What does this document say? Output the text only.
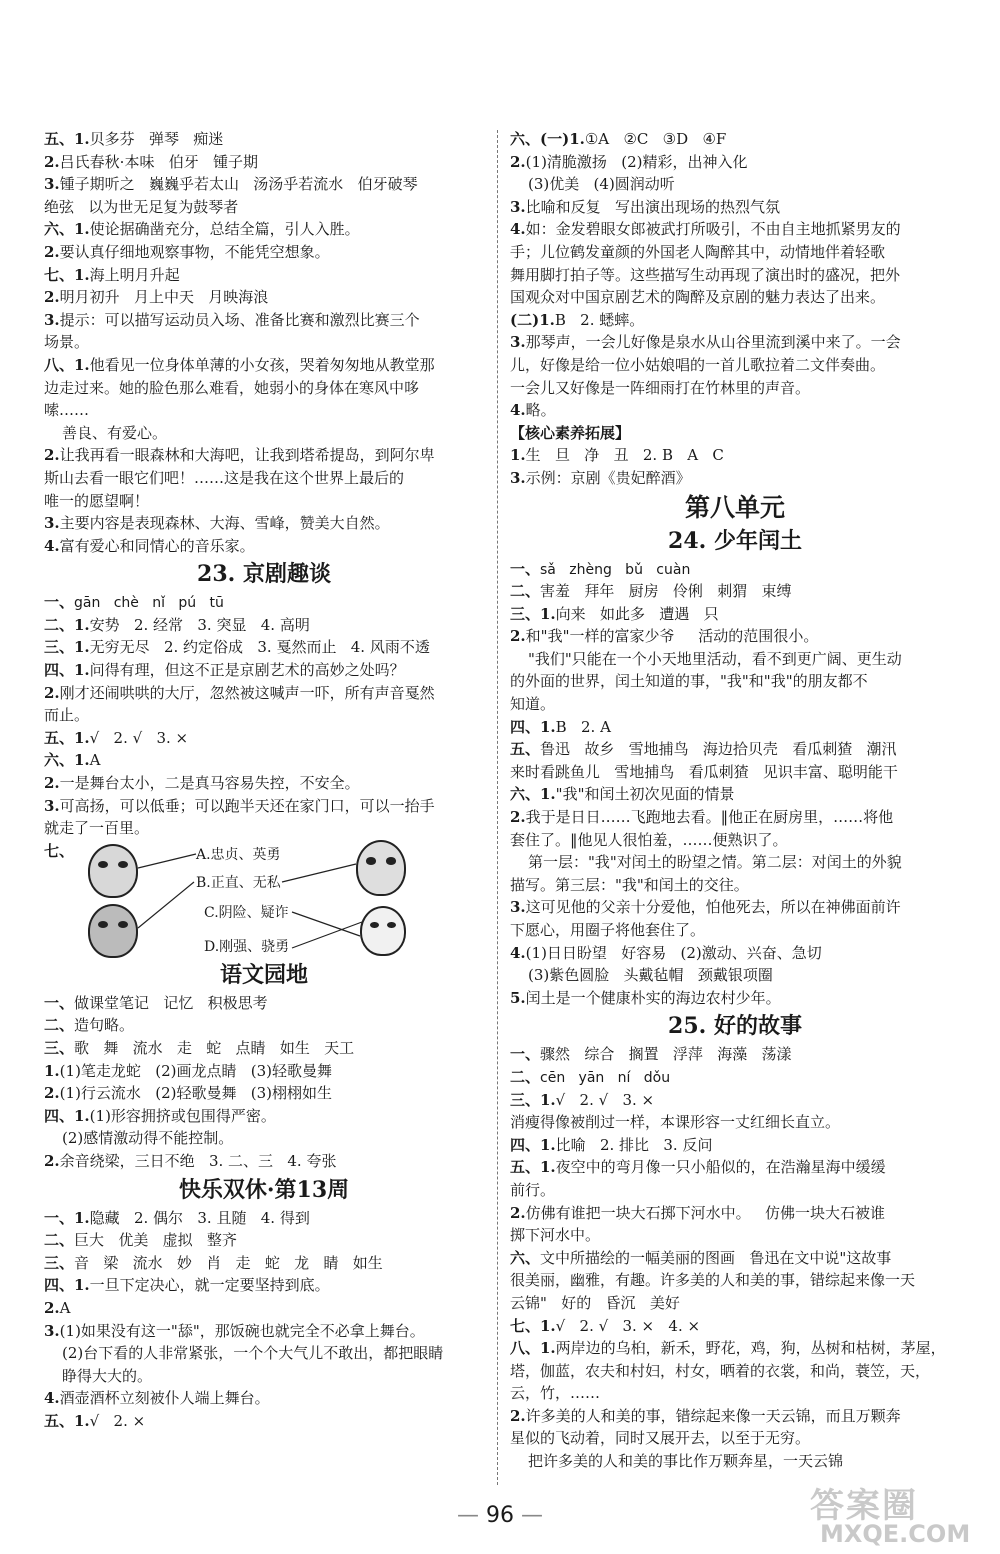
五、1.贝多芬   弹琴   痴迷
2.吕氏春秋·本味   伯牙   锺子期
3.锺子期听之   巍巍乎若太山   汤汤乎若流水   伯牙破琴
绝弦   以为世无足复为鼓琴者
六、1.使论据确凿充分，总结全篇，引人入胜。
2.要认真仔细地观察事物，不能凭空想象。
七、1.海上明月升起
2.明月初升   月上中天   月映海浪
3.提示：可以描写运动员入场、准备比赛和激烈比赛三个
场景。
八、1.他看见一位身体单薄的小女孩，哭着匆匆地从教堂那
边走过来。她的脸色那么难看，她弱小的身体在寒风中哆
嗦……
善良、有爱心。
2.让我再看一眼森林和大海吧，让我到塔希提岛，到阿尔卑
斯山去看一眼它们吧！……这是我在这个世界上最后的
唯一的愿望啊！
3.主要内容是表现森林、大海、雪峰，赞美大自然。
4.富有爱心和同情心的音乐家。
23. 京剧趣谈
一、gān   chè   nǐ   pú   tū
二、1.安势   2. 经常   3. 突显   4. 高明
三、1.无穷无尽   2. 约定俗成   3. 戛然而止   4. 风雨不透
四、1.问得有理，但这不正是京剧艺术的高妙之处吗？
2.刚才还闹哄哄的大厅，忽然被这喊声一吓，所有声音戛然
而止。
五、1.√   2. √   3. ×
六、1.A
2.一是舞台太小，二是真马容易失控，不安全。
3.可高扬，可以低垂；可以跑半天还在家门口，可以一抬手
就走了一百里。
七、	A.忠贞、英勇
B.正直、无私
C.阴险、疑诈
D.刚强、骁勇
语文园地
一、做课堂笔记   记忆   积极思考
二、造句略。
三、歌   舞   流水   走   蛇   点睛   如生   天工
1.(1)笔走龙蛇   (2)画龙点睛   (3)轻歌曼舞
2.(1)行云流水   (2)轻歌曼舞   (3)栩栩如生
四、1.(1)形容拥挤或包围得严密。
(2)感情激动得不能控制。
2.余音绕梁，三日不绝   3. 二、三   4. 夸张
快乐双休·第13周
一、1.隐藏   2. 偶尔   3. 且随   4. 得到
二、巨大   优美   虚拟   整齐
三、音   梁   流水   妙   肖   走   蛇   龙   睛   如生
四、1.一旦下定决心，就一定要坚持到底。
2.A
3.(1)如果没有这一"舔"，那饭碗也就完全不必拿上舞台。
(2)台下看的人非常紧张，一个个大气儿不敢出，都把眼睛
睁得大大的。
4.酒壶酒杯立刻被仆人端上舞台。
五、1.√   2. ×
六、(一)1.①A   ②C   ③D   ④F
2.(1)清脆激扬   (2)精彩，出神入化
(3)优美   (4)圆润动听
3.比喻和反复   写出演出现场的热烈气氛
4.如：金发碧眼女郎被武打所吸引，不由自主地抓紧男友的
手；儿位鹤发童颜的外国老人陶醉其中，动情地伴着轻歌
舞用脚打拍子等。这些描写生动再现了演出时的盛况，把外
国观众对中国京剧艺术的陶醉及京剧的魅力表达了出来。
(二)1.B   2. 蟋蟀。
3.那琴声，一会儿好像是泉水从山谷里流到溪中来了。一会
儿，好像是给一位小姑娘唱的一首儿歌拉着二文伴奏曲。
一会儿又好像是一阵细雨打在竹林里的声音。
4.略。
【核心素养拓展】
1.生   旦   净   丑   2. B   A   C
3.示例：京剧《贵妃醉酒》
第八单元
24. 少年闰土
一、sǎ   zhèng   bǔ   cuàn
二、害羞   拜年   厨房   伶俐   刺猬   束缚
三、1.向来   如此多   遭遇   只
2.和"我"一样的富家少爷     活动的范围很小。
"我们"只能在一个小天地里活动，看不到更广阔、更生动
的外面的世界，闰土知道的事，"我"和"我"的朋友都不
知道。
四、1.B   2. A
五、鲁迅   故乡   雪地捕鸟   海边拾贝壳   看瓜刺猹   潮汛
来时看跳鱼儿   雪地捕鸟   看瓜刺猹   见识丰富、聪明能干
六、1."我"和闰土初次见面的情景
2.我于是日日……飞跑地去看。‖他正在厨房里，……将他
套住了。‖他见人很怕羞，……便熟识了。
第一层："我"对闰土的盼望之情。第二层：对闰土的外貌
描写。第三层："我"和闰土的交往。
3.这可见他的父亲十分爱他，怕他死去，所以在神佛面前许
下愿心，用圈子将他套住了。
4.(1)日日盼望   好容易   (2)激动、兴奋、急切
(3)紫色圆脸   头戴毡帽   颈戴银项圈
5.闰土是一个健康朴实的海边农村少年。
25. 好的故事
一、骤然   综合   搁置   浮萍   海藻   荡漾
二、cēn   yān   ní   dǒu
三、1.√   2. √   3. ×
消瘦得像被削过一样，本课形容一丈红细长直立。
四、1.比喻   2. 排比   3. 反问
五、1.夜空中的弯月像一只小船似的，在浩瀚星海中缓缓
前行。
2.仿佛有谁把一块大石掷下河水中。   仿佛一块大石被谁
掷下河水中。
六、文中所描绘的一幅美丽的图画   鲁迅在文中说"这故事
很美丽，幽雅，有趣。许多美的人和美的事，错综起来像一天
云锦"   好的   昏沉   美好
七、1.√   2. √   3. ×   4. ×
八、1.两岸边的乌桕，新禾，野花，鸡，狗，丛树和枯树，茅屋，
塔，伽蓝，农夫和村妇，村女，晒着的衣裳，和尚，蓑笠，天，
云，竹，……
2.许多美的人和美的事，错综起来像一天云锦，而且万颗奔
星似的飞动着，同时又展开去，以至于无穷。
把许多美的人和美的事比作万颗奔星，一天云锦
— 96 —	答案圈
MXQE.COM
